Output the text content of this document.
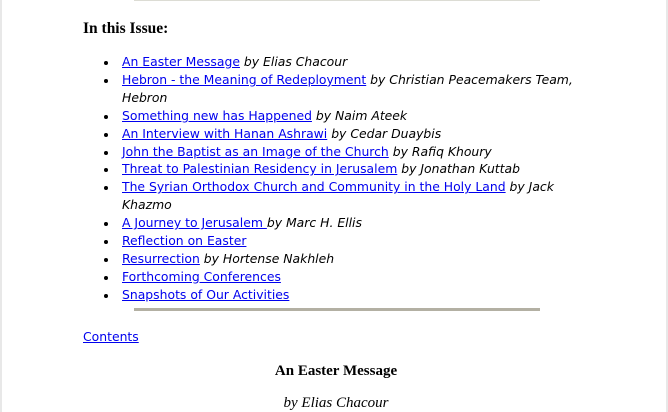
In this Issue:
An Easter Message by Elias Chacour
Hebron - the Meaning of Redeployment by Christian Peacemakers Team, Hebron
Something new has Happened by Naim Ateek
An Interview with Hanan Ashrawi by Cedar Duaybis
John the Baptist as an Image of the Church by Rafiq Khoury
Threat to Palestinian Residency in Jerusalem by Jonathan Kuttab
The Syrian Orthodox Church and Community in the Holy Land by Jack Khazmo
A Journey to Jerusalem by Marc H. Ellis
Reflection on Easter
Resurrection by Hortense Nakhleh
Forthcoming Conferences
Snapshots of Our Activities
Contents
An Easter Message
by Elias Chacour
